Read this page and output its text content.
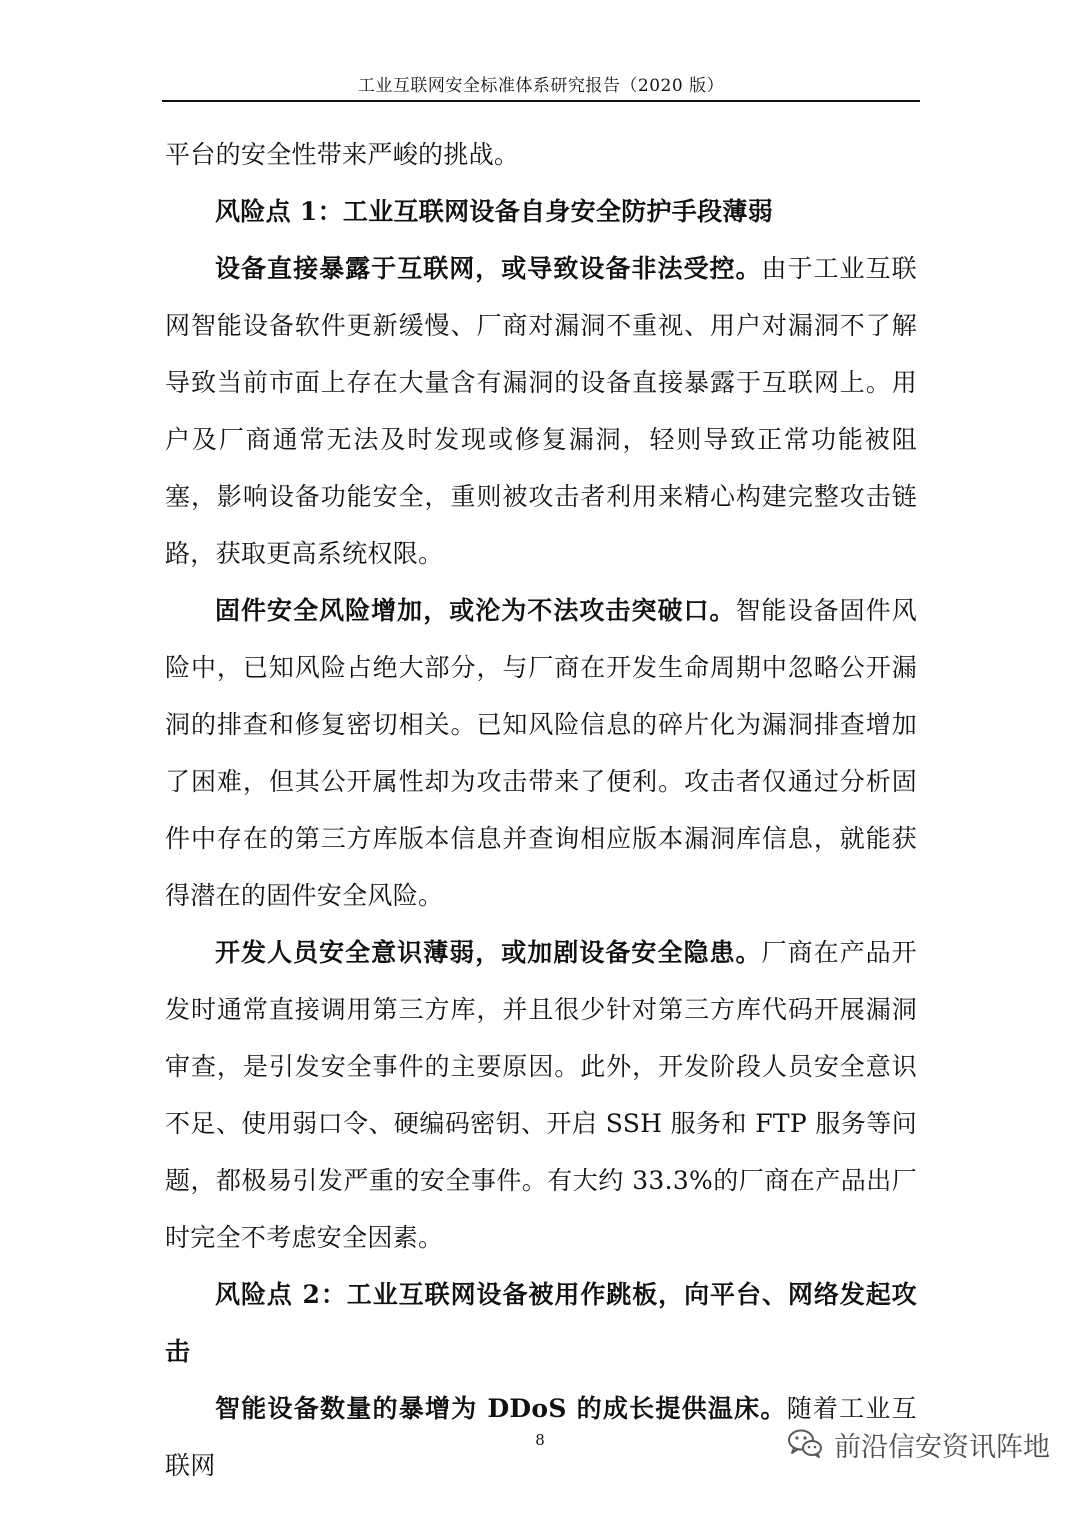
工业互联网安全标准体系研究报告（2020 版）

平台的安全性带来严峻的挑战。

风险点 1：工业互联网设备自身安全防护手段薄弱

设备直接暴露于互联网，或导致设备非法受控。由于工业互联网智能设备软件更新缓慢、厂商对漏洞不重视、用户对漏洞不了解导致当前市面上存在大量含有漏洞的设备直接暴露于互联网上。用户及厂商通常无法及时发现或修复漏洞，轻则导致正常功能被阻塞，影响设备功能安全，重则被攻击者利用来精心构建完整攻击链路，获取更高系统权限。

固件安全风险增加，或沦为不法攻击突破口。智能设备固件风险中，已知风险占绝大部分，与厂商在开发生命周期中忽略公开漏洞的排查和修复密切相关。已知风险信息的碎片化为漏洞排查增加了困难，但其公开属性却为攻击带来了便利。攻击者仅通过分析固件中存在的第三方库版本信息并查询相应版本漏洞库信息，就能获得潜在的固件安全风险。

开发人员安全意识薄弱，或加剧设备安全隐患。厂商在产品开发时通常直接调用第三方库，并且很少针对第三方库代码开展漏洞审查，是引发安全事件的主要原因。此外，开发阶段人员安全意识不足、使用弱口令、硬编码密钥、开启 SSH 服务和 FTP 服务等问题，都极易引发严重的安全事件。有大约 33.3%的厂商在产品出厂时完全不考虑安全因素。

风险点 2：工业互联网设备被用作跳板，向平台、网络发起攻击

智能设备数量的暴增为 DDoS 的成长提供温床。随着工业互联网

8	前沿信安资讯阵地
